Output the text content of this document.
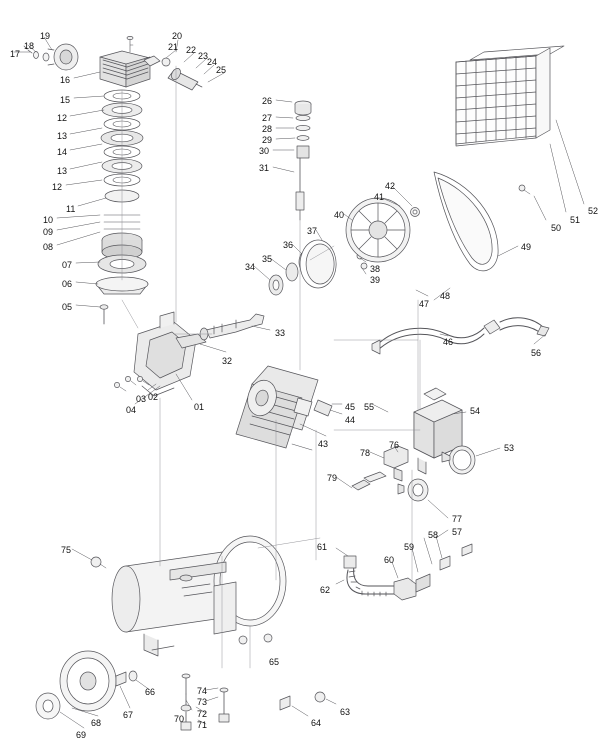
17
18
19
16
15
12
13
14
13
12
11
10
09
08
07
06
05
04
03 02
01
20
21 22
23
24
25
26
27
28
29
30
31
32
33
34
35
36
37
38
39
40
41
42
43
44
45
46
47
48
49
50
51
52
53
54
55
56
57
58
59
60
61
62
63
64
65
66
67
68
69
70
71
72
73
74
75
76
77
78
79
